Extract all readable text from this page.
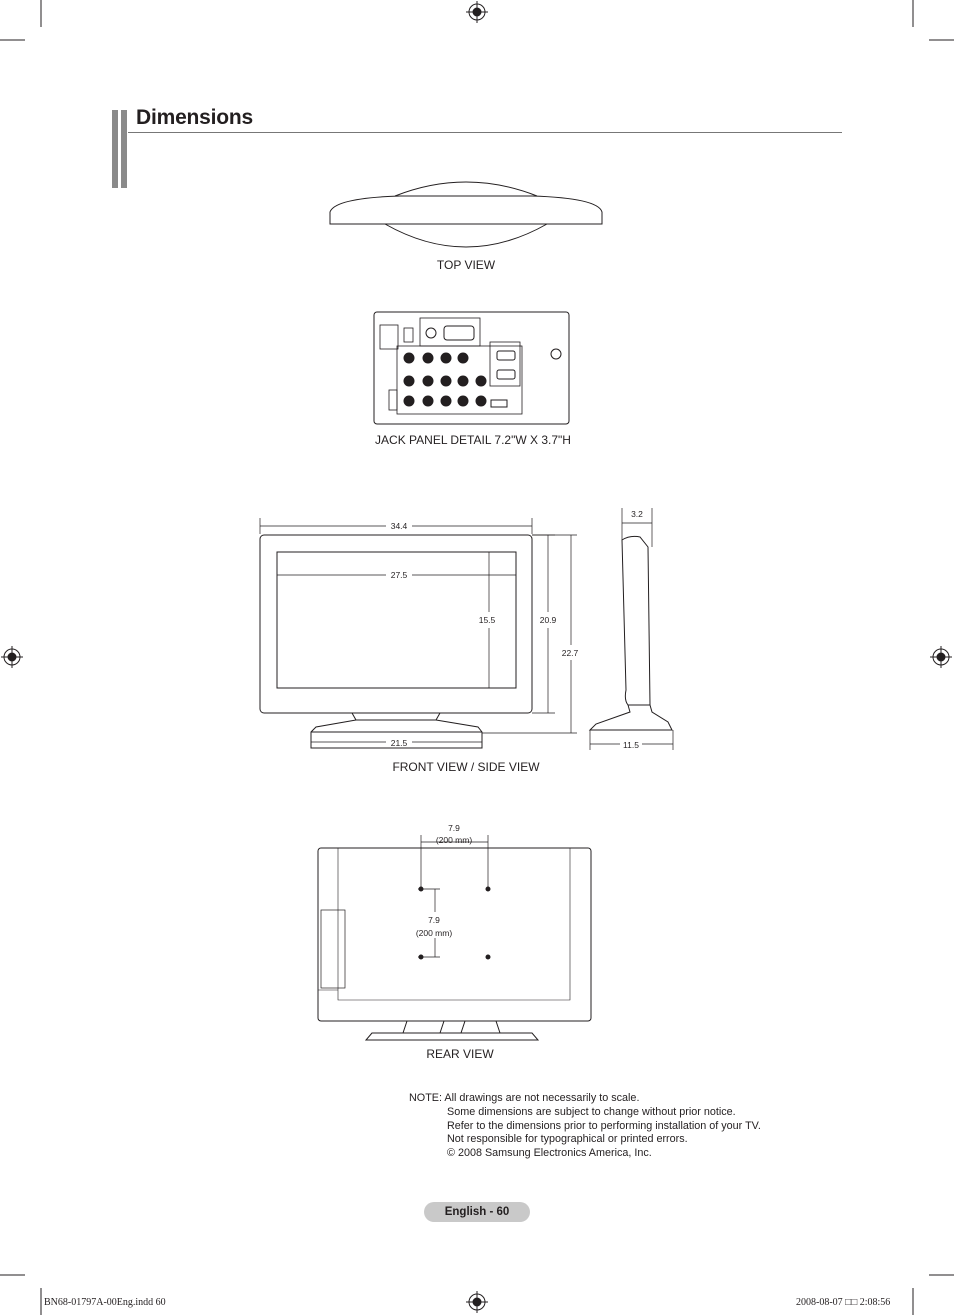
Dimensions
TOP VIEW
JACK PANEL DETAIL 7.2"W X 3.7"H
FRONT VIEW / SIDE VIEW
REAR VIEW
34.4
27.5
15.5	20.9
22.7
21.5
3.2
11.5
7.9
(200 mm)
7.9
(200 mm)
NOTE: All drawings are not necessarily to scale.
Some dimensions are subject to change without prior notice.
Refer to the dimensions prior to performing installation of your TV.
Not responsible for typographical or printed errors.
© 2008 Samsung Electronics America, Inc.
English - 60
BN68-01797A-00Eng.indd 60	2008-08-07 □□ 2:08:56
